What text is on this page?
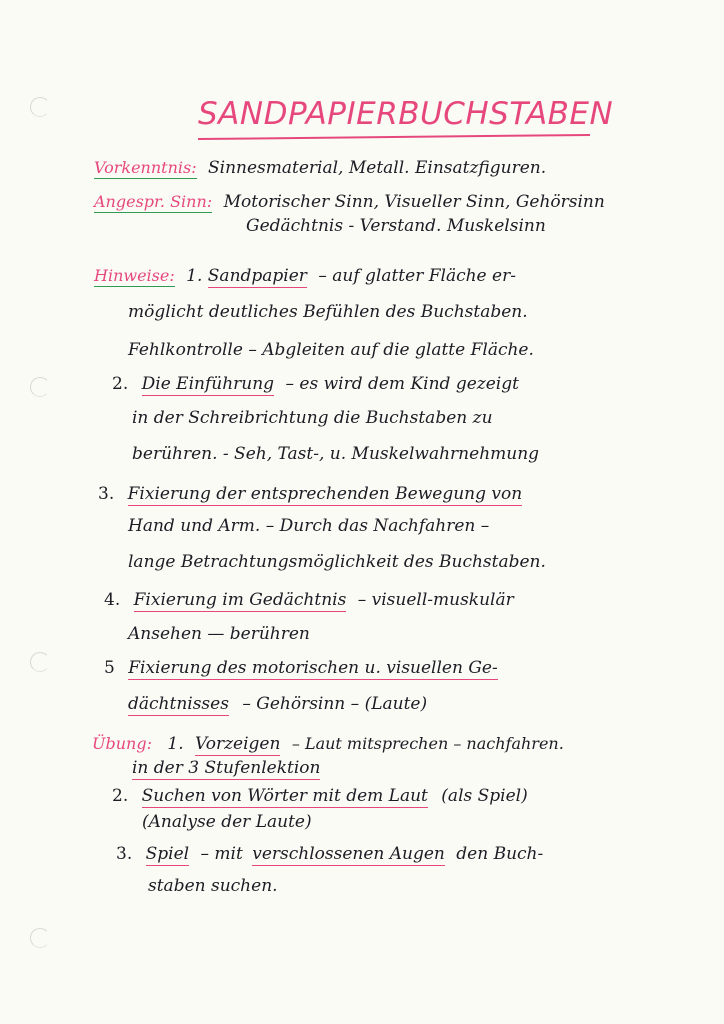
SANDPAPIERBUCHSTABEN
Vorkenntnis: Sinnesmaterial, Metall. Einsatzfiguren.
Angespr. Sinn: Motorischer Sinn, Visueller Sinn, Gehörsinn
Gedächtnis - Verstand. Muskelsinn
Hinweise: 1. Sandpapier – auf glatter Fläche er-
möglicht deutliches Befühlen des Buchstaben.
Fehlkontrolle – Abgleiten auf die glatte Fläche.
2. Die Einführung – es wird dem Kind gezeigt
in der Schreibrichtung die Buchstaben zu
berühren. - Seh, Tast-, u. Muskelwahrnehmung
3. Fixierung der entsprechenden Bewegung von
Hand und Arm. – Durch das Nachfahren –
lange Betrachtungsmöglichkeit des Buchstaben.
4. Fixierung im Gedächtnis – visuell-muskulär
Ansehen — berühren
5 Fixierung des motorischen u. visuellen Ge-
dächtnisses – Gehörsinn – (Laute)
Übung: 1. Vorzeigen – Laut mitsprechen – nachfahren.
in der 3 Stufenlektion
2. Suchen von Wörter mit dem Laut (als Spiel)
(Analyse der Laute)
3. Spiel – mit verschlossenen Augen den Buch-
staben suchen.
